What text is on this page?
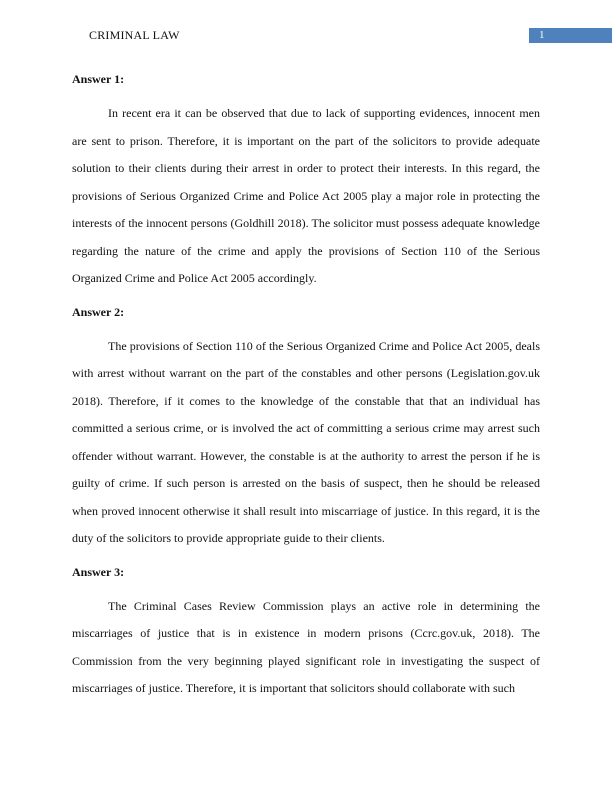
CRIMINAL LAW	1

Answer 1:

In recent era it can be observed that due to lack of supporting evidences, innocent men are sent to prison. Therefore, it is important on the part of the solicitors to provide adequate solution to their clients during their arrest in order to protect their interests. In this regard, the provisions of Serious Organized Crime and Police Act 2005 play a major role in protecting the interests of the innocent persons (Goldhill 2018). The solicitor must possess adequate knowledge regarding the nature of the crime and apply the provisions of Section 110 of the Serious Organized Crime and Police Act 2005 accordingly.

Answer 2:

The provisions of Section 110 of the Serious Organized Crime and Police Act 2005, deals with arrest without warrant on the part of the constables and other persons (Legislation.gov.uk 2018). Therefore, if it comes to the knowledge of the constable that that an individual has committed a serious crime, or is involved the act of committing a serious crime may arrest such offender without warrant. However, the constable is at the authority to arrest the person if he is guilty of crime. If such person is arrested on the basis of suspect, then he should be released when proved innocent otherwise it shall result into miscarriage of justice. In this regard, it is the duty of the solicitors to provide appropriate guide to their clients.

Answer 3:

The Criminal Cases Review Commission plays an active role in determining the miscarriages of justice that is in existence in modern prisons (Ccrc.gov.uk, 2018). The Commission from the very beginning played significant role in investigating the suspect of miscarriages of justice. Therefore, it is important that solicitors should collaborate with such
